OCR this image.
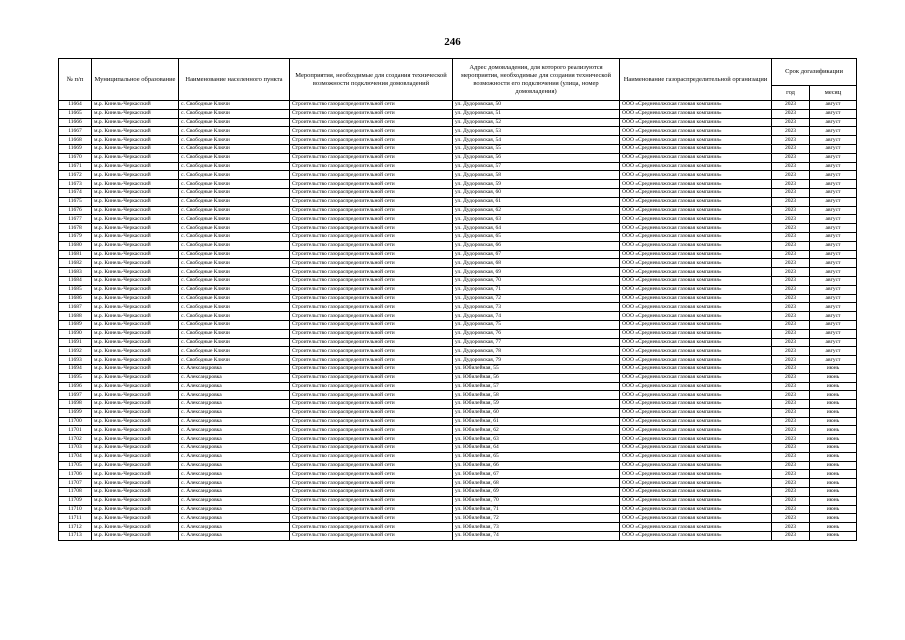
246
№ п/п	Муниципальное образование	Наименование населенного пункта	Мероприятия, необходимые для создания технической возможности подключения домовладений	Адрес домовладения, для которого реализуются мероприятия, необходимые для создания технической возможности его подключения (улица, номер домовладения)	Наименование газораспределительной организации	Срок догазификации	
						год	месяц
11664	м.р. Кинель-Черкасский	с. Свободные Ключи	Строительство газораспределительной сети	ул. Дудоровская, 50	ООО «Средневолжская газовая компания»	2023	август
11665	м.р. Кинель-Черкасский	с. Свободные Ключи	Строительство газораспределительной сети	ул. Дудоровская, 51	ООО «Средневолжская газовая компания»	2023	август
11666	м.р. Кинель-Черкасский	с. Свободные Ключи	Строительство газораспределительной сети	ул. Дудоровская, 52	ООО «Средневолжская газовая компания»	2023	август
11667	м.р. Кинель-Черкасский	с. Свободные Ключи	Строительство газораспределительной сети	ул. Дудоровская, 53	ООО «Средневолжская газовая компания»	2023	август
11668	м.р. Кинель-Черкасский	с. Свободные Ключи	Строительство газораспределительной сети	ул. Дудоровская, 54	ООО «Средневолжская газовая компания»	2023	август
11669	м.р. Кинель-Черкасский	с. Свободные Ключи	Строительство газораспределительной сети	ул. Дудоровская, 55	ООО «Средневолжская газовая компания»	2023	август
11670	м.р. Кинель-Черкасский	с. Свободные Ключи	Строительство газораспределительной сети	ул. Дудоровская, 56	ООО «Средневолжская газовая компания»	2023	август
11671	м.р. Кинель-Черкасский	с. Свободные Ключи	Строительство газораспределительной сети	ул. Дудоровская, 57	ООО «Средневолжская газовая компания»	2023	август
11672	м.р. Кинель-Черкасский	с. Свободные Ключи	Строительство газораспределительной сети	ул. Дудоровская, 58	ООО «Средневолжская газовая компания»	2023	август
11673	м.р. Кинель-Черкасский	с. Свободные Ключи	Строительство газораспределительной сети	ул. Дудоровская, 59	ООО «Средневолжская газовая компания»	2023	август
11674	м.р. Кинель-Черкасский	с. Свободные Ключи	Строительство газораспределительной сети	ул. Дудоровская, 60	ООО «Средневолжская газовая компания»	2023	август
11675	м.р. Кинель-Черкасский	с. Свободные Ключи	Строительство газораспределительной сети	ул. Дудоровская, 61	ООО «Средневолжская газовая компания»	2023	август
11676	м.р. Кинель-Черкасский	с. Свободные Ключи	Строительство газораспределительной сети	ул. Дудоровская, 62	ООО «Средневолжская газовая компания»	2023	август
11677	м.р. Кинель-Черкасский	с. Свободные Ключи	Строительство газораспределительной сети	ул. Дудоровская, 63	ООО «Средневолжская газовая компания»	2023	август
11678	м.р. Кинель-Черкасский	с. Свободные Ключи	Строительство газораспределительной сети	ул. Дудоровская, 64	ООО «Средневолжская газовая компания»	2023	август
11679	м.р. Кинель-Черкасский	с. Свободные Ключи	Строительство газораспределительной сети	ул. Дудоровская, 65	ООО «Средневолжская газовая компания»	2023	август
11680	м.р. Кинель-Черкасский	с. Свободные Ключи	Строительство газораспределительной сети	ул. Дудоровская, 66	ООО «Средневолжская газовая компания»	2023	август
11681	м.р. Кинель-Черкасский	с. Свободные Ключи	Строительство газораспределительной сети	ул. Дудоровская, 67	ООО «Средневолжская газовая компания»	2023	август
11682	м.р. Кинель-Черкасский	с. Свободные Ключи	Строительство газораспределительной сети	ул. Дудоровская, 68	ООО «Средневолжская газовая компания»	2023	август
11683	м.р. Кинель-Черкасский	с. Свободные Ключи	Строительство газораспределительной сети	ул. Дудоровская, 69	ООО «Средневолжская газовая компания»	2023	август
11684	м.р. Кинель-Черкасский	с. Свободные Ключи	Строительство газораспределительной сети	ул. Дудоровская, 70	ООО «Средневолжская газовая компания»	2023	август
11685	м.р. Кинель-Черкасский	с. Свободные Ключи	Строительство газораспределительной сети	ул. Дудоровская, 71	ООО «Средневолжская газовая компания»	2023	август
11686	м.р. Кинель-Черкасский	с. Свободные Ключи	Строительство газораспределительной сети	ул. Дудоровская, 72	ООО «Средневолжская газовая компания»	2023	август
11687	м.р. Кинель-Черкасский	с. Свободные Ключи	Строительство газораспределительной сети	ул. Дудоровская, 73	ООО «Средневолжская газовая компания»	2023	август
11688	м.р. Кинель-Черкасский	с. Свободные Ключи	Строительство газораспределительной сети	ул. Дудоровская, 74	ООО «Средневолжская газовая компания»	2023	август
11689	м.р. Кинель-Черкасский	с. Свободные Ключи	Строительство газораспределительной сети	ул. Дудоровская, 75	ООО «Средневолжская газовая компания»	2023	август
11690	м.р. Кинель-Черкасский	с. Свободные Ключи	Строительство газораспределительной сети	ул. Дудоровская, 76	ООО «Средневолжская газовая компания»	2023	август
11691	м.р. Кинель-Черкасский	с. Свободные Ключи	Строительство газораспределительной сети	ул. Дудоровская, 77	ООО «Средневолжская газовая компания»	2023	август
11692	м.р. Кинель-Черкасский	с. Свободные Ключи	Строительство газораспределительной сети	ул. Дудоровская, 78	ООО «Средневолжская газовая компания»	2023	август
11693	м.р. Кинель-Черкасский	с. Свободные Ключи	Строительство газораспределительной сети	ул. Дудоровская, 79	ООО «Средневолжская газовая компания»	2023	август
11694	м.р. Кинель-Черкасский	с. Александровка	Строительство газораспределительной сети	ул. Юбилейная, 55	ООО «Средневолжская газовая компания»	2023	июнь
11695	м.р. Кинель-Черкасский	с. Александровка	Строительство газораспределительной сети	ул. Юбилейная, 56	ООО «Средневолжская газовая компания»	2023	июнь
11696	м.р. Кинель-Черкасский	с. Александровка	Строительство газораспределительной сети	ул. Юбилейная, 57	ООО «Средневолжская газовая компания»	2023	июнь
11697	м.р. Кинель-Черкасский	с. Александровка	Строительство газораспределительной сети	ул. Юбилейная, 58	ООО «Средневолжская газовая компания»	2023	июнь
11698	м.р. Кинель-Черкасский	с. Александровка	Строительство газораспределительной сети	ул. Юбилейная, 59	ООО «Средневолжская газовая компания»	2023	июнь
11699	м.р. Кинель-Черкасский	с. Александровка	Строительство газораспределительной сети	ул. Юбилейная, 60	ООО «Средневолжская газовая компания»	2023	июнь
11700	м.р. Кинель-Черкасский	с. Александровка	Строительство газораспределительной сети	ул. Юбилейная, 61	ООО «Средневолжская газовая компания»	2023	июнь
11701	м.р. Кинель-Черкасский	с. Александровка	Строительство газораспределительной сети	ул. Юбилейная, 62	ООО «Средневолжская газовая компания»	2023	июнь
11702	м.р. Кинель-Черкасский	с. Александровка	Строительство газораспределительной сети	ул. Юбилейная, 63	ООО «Средневолжская газовая компания»	2023	июнь
11703	м.р. Кинель-Черкасский	с. Александровка	Строительство газораспределительной сети	ул. Юбилейная, 64	ООО «Средневолжская газовая компания»	2023	июнь
11704	м.р. Кинель-Черкасский	с. Александровка	Строительство газораспределительной сети	ул. Юбилейная, 65	ООО «Средневолжская газовая компания»	2023	июнь
11705	м.р. Кинель-Черкасский	с. Александровка	Строительство газораспределительной сети	ул. Юбилейная, 66	ООО «Средневолжская газовая компания»	2023	июнь
11706	м.р. Кинель-Черкасский	с. Александровка	Строительство газораспределительной сети	ул. Юбилейная, 67	ООО «Средневолжская газовая компания»	2023	июнь
11707	м.р. Кинель-Черкасский	с. Александровка	Строительство газораспределительной сети	ул. Юбилейная, 68	ООО «Средневолжская газовая компания»	2023	июнь
11708	м.р. Кинель-Черкасский	с. Александровка	Строительство газораспределительной сети	ул. Юбилейная, 69	ООО «Средневолжская газовая компания»	2023	июнь
11709	м.р. Кинель-Черкасский	с. Александровка	Строительство газораспределительной сети	ул. Юбилейная, 70	ООО «Средневолжская газовая компания»	2023	июнь
11710	м.р. Кинель-Черкасский	с. Александровка	Строительство газораспределительной сети	ул. Юбилейная, 71	ООО «Средневолжская газовая компания»	2023	июнь
11711	м.р. Кинель-Черкасский	с. Александровка	Строительство газораспределительной сети	ул. Юбилейная, 72	ООО «Средневолжская газовая компания»	2023	июнь
11712	м.р. Кинель-Черкасский	с. Александровка	Строительство газораспределительной сети	ул. Юбилейная, 73	ООО «Средневолжская газовая компания»	2023	июнь
11713	м.р. Кинель-Черкасский	с. Александровка	Строительство газораспределительной сети	ул. Юбилейная, 74	ООО «Средневолжская газовая компания»	2023	июнь
